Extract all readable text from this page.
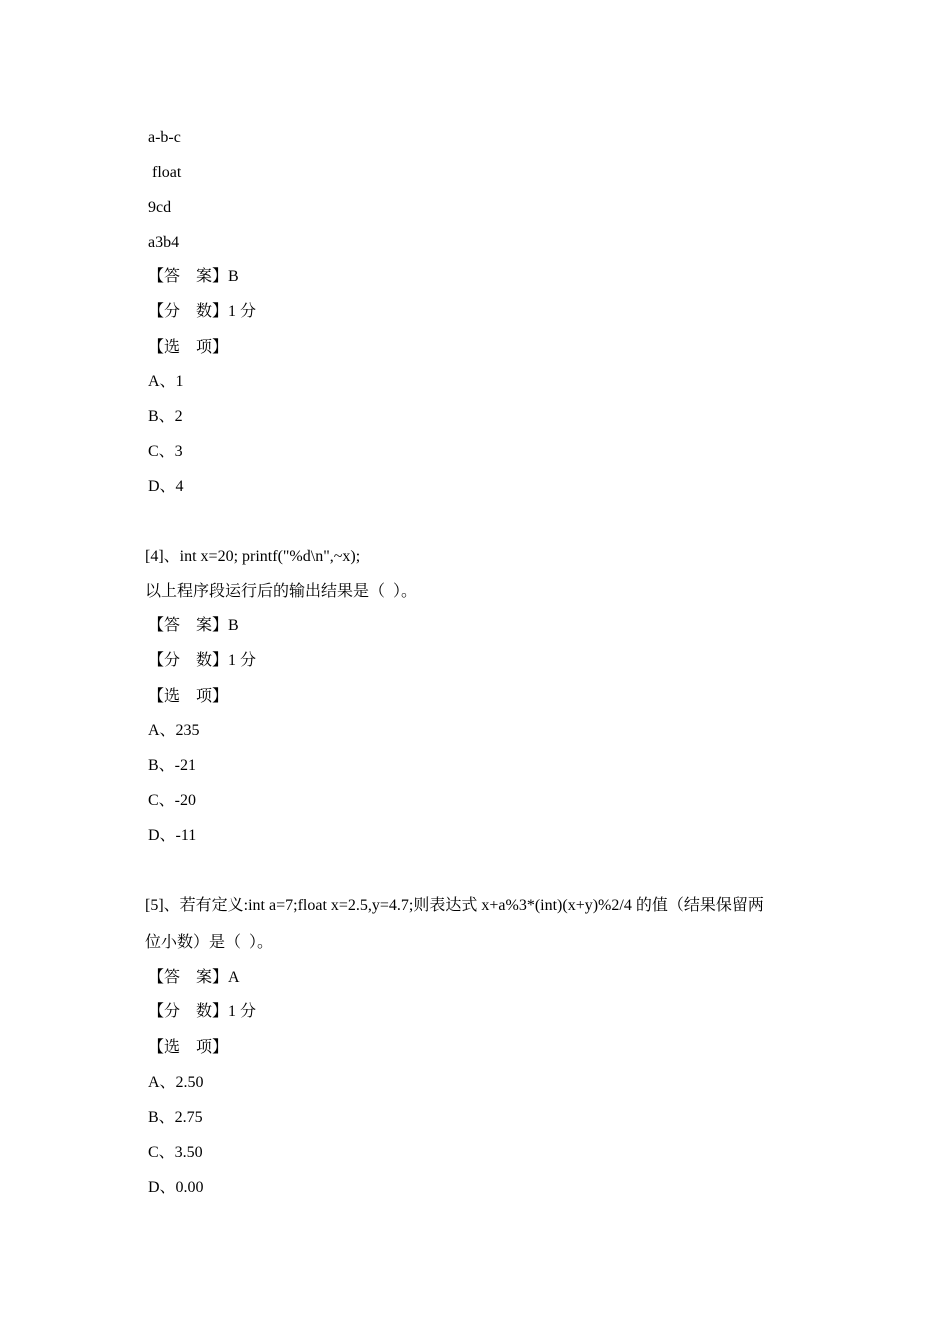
a-b-c
float
9cd
a3b4
【答　案】B
【分　数】1 分
【选　项】
A、1
B、2
C、3
D、4
[4]、int x=20; printf("%d\n",~x);
以上程序段运行后的输出结果是（  ）。
【答　案】B
【分　数】1 分
【选　项】
A、235
B、-21
C、-20
D、-11
[5]、若有定义:int a=7;float x=2.5,y=4.7;则表达式 x+a%3*(int)(x+y)%2/4 的值（结果保留两
位小数）是（  ）。
【答　案】A
【分　数】1 分
【选　项】
A、2.50
B、2.75
C、3.50
D、0.00
